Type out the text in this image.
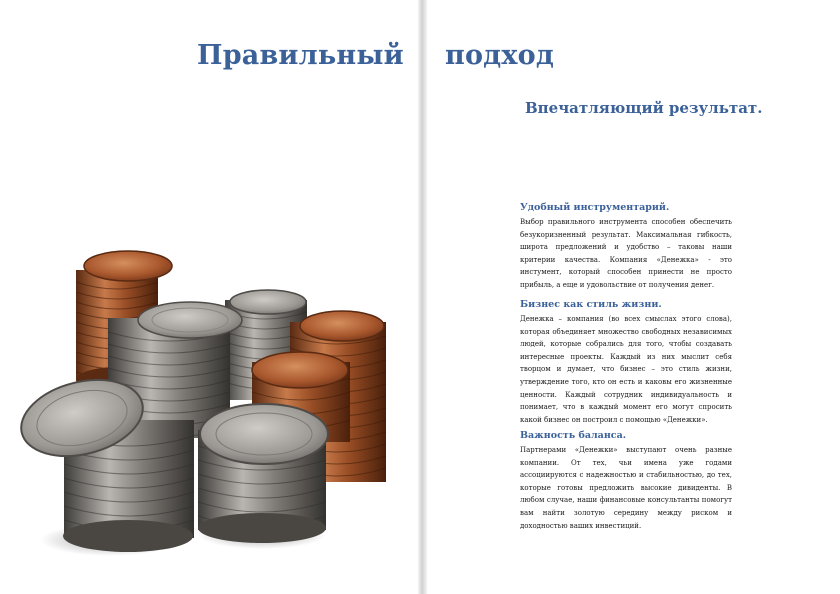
Правильный подход
Впечатляющий результат.
Удобный инструментарий.

Выбор правильного инструмента способен обеспечить безукоризненный результат. Максимальная гибкость, широта предложений и удобство – таковы наши критерии качества. Компания «Денежка» - это инстумент, который способен принести не просто прибыль, а еще и удовольствие от получения денег.

Бизнес как стиль жизни.

Денежка – компания (во всех смыслах этого слова), которая объединяет множество свободных независимых людей, которые собрались для того, чтобы создавать интересные проекты. Каждый из них мыслит себя творцом и думает, что бизнес – это стиль жизни, утверждение того, кто он есть и каковы его жизненные ценности. Каждый сотрудник индивидуальность и понимает, что в каждый момент его могут спросить какой бизнес он построил с помощью «Денежки».

Важность баланса.

Партнерами «Денежки» выступают очень разные компании. От тех, чьи имена уже годами ассоциируются с надежностью и стабильностью, до тех, которые готовы предложить высокие дивиденты. В любом случае, наши финансовые консультанты помогут вам найти золотую середину между риском и доходностью ваших инвестиций.
